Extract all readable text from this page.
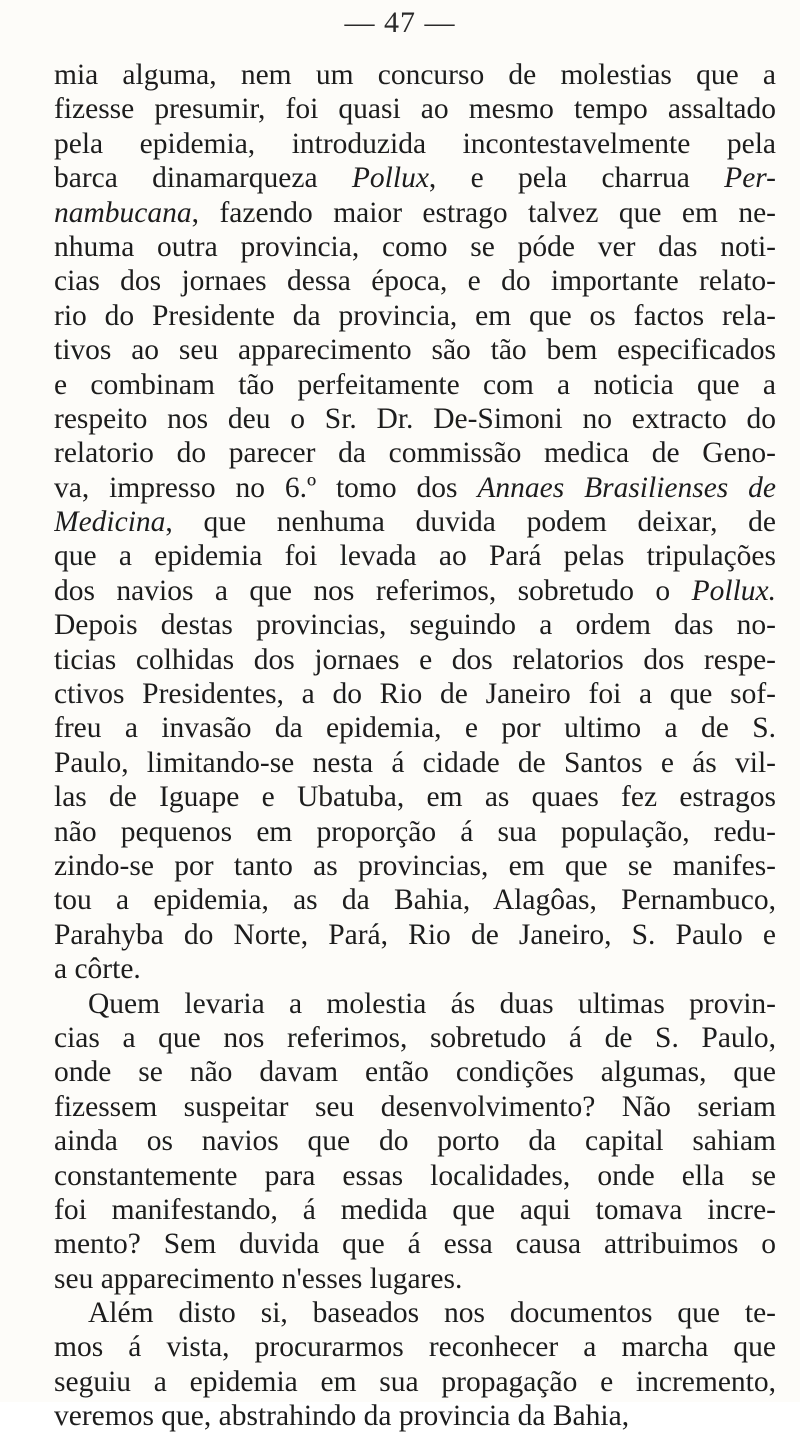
— 47 —
mia alguma, nem um concurso de molestias que a
fizesse presumir, foi quasi ao mesmo tempo assaltado
pela epidemia, introduzida incontestavelmente pela
barca dinamarqueza Pollux, e pela charrua Per-
nambucana, fazendo maior estrago talvez que em ne-
nhuma outra provincia, como se póde ver das noti-
cias dos jornaes dessa época, e do importante relato-
rio do Presidente da provincia, em que os factos rela-
tivos ao seu apparecimento são tão bem especificados
e combinam tão perfeitamente com a noticia que a
respeito nos deu o Sr. Dr. De-Simoni no extracto do
relatorio do parecer da commissão medica de Geno-
va, impresso no 6.º tomo dos Annaes Brasilienses de
Medicina, que nenhuma duvida podem deixar, de
que a epidemia foi levada ao Pará pelas tripulações
dos navios a que nos referimos, sobretudo o Pollux.
Depois destas provincias, seguindo a ordem das no-
ticias colhidas dos jornaes e dos relatorios dos respe-
ctivos Presidentes, a do Rio de Janeiro foi a que sof-
freu a invasão da epidemia, e por ultimo a de S.
Paulo, limitando-se nesta á cidade de Santos e ás vil-
las de Iguape e Ubatuba, em as quaes fez estragos
não pequenos em proporção á sua população, redu-
zindo-se por tanto as provincias, em que se manifes-
tou a epidemia, as da Bahia, Alagôas, Pernambuco,
Parahyba do Norte, Pará, Rio de Janeiro, S. Paulo e
a côrte.
Quem levaria a molestia ás duas ultimas provin-
cias a que nos referimos, sobretudo á de S. Paulo,
onde se não davam então condições algumas, que
fizessem suspeitar seu desenvolvimento? Não seriam
ainda os navios que do porto da capital sahiam
constantemente para essas localidades, onde ella se
foi manifestando, á medida que aqui tomava incre-
mento? Sem duvida que á essa causa attribuimos o
seu apparecimento n'esses lugares.
Além disto si, baseados nos documentos que te-
mos á vista, procurarmos reconhecer a marcha que
seguiu a epidemia em sua propagação e incremento,
veremos que, abstrahindo da provincia da Bahia,
